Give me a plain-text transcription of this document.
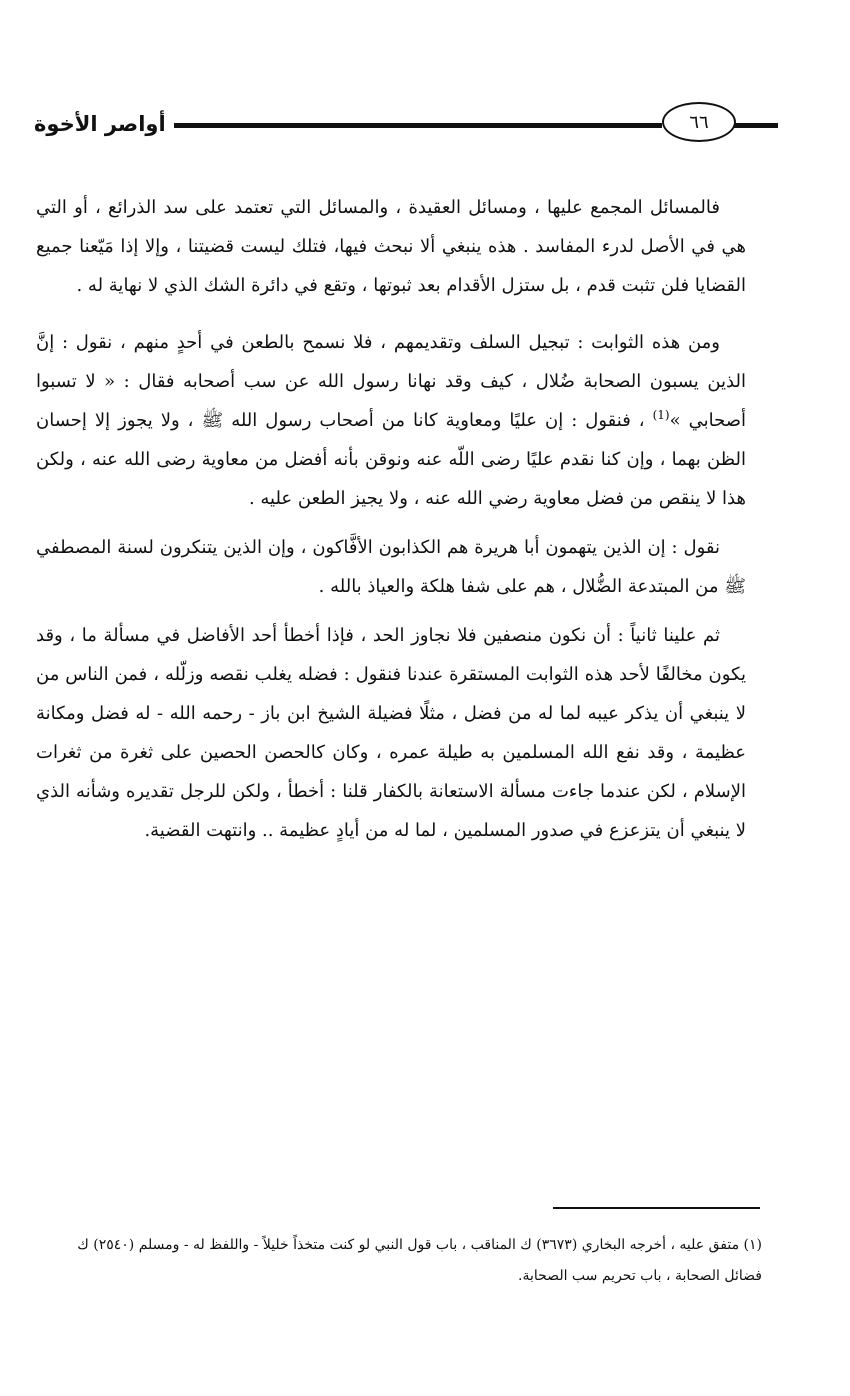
أواصر الأخوة	٦٦

فالمسائل المجمع عليها ، ومسائل العقيدة ، والمسائل التي تعتمد على سد الذرائع ، أو التي هي في الأصل لدرء المفاسد . هذه ينبغي ألا نبحث فيها، فتلك ليست قضيتنا ، وإلا إذا مَيّعنا جميع القضايا فلن تثبت قدم ، بل ستزل الأقدام بعد ثبوتها ، وتقع في دائرة الشك الذي لا نهاية له .

ومن هذه الثوابت : تبجيل السلف وتقديمهم ، فلا نسمح بالطعن في أحدٍ منهم ، نقول : إنَّ الذين يسبون الصحابة ضُلال ، كيف وقد نهانا رسول الله عن سب أصحابه فقال : « لا تسبوا أصحابي »$^{(1)}$ ، فنقول : إن عليًا ومعاوية كانا من أصحاب رسول الله ﷺ ، ولا يجوز إلا إحسان الظن بهما ، وإن كنا نقدم عليًا رضى اللّه عنه ونوقن بأنه أفضل من معاوية رضى الله عنه ، ولكن هذا لا ينقص من فضل معاوية رضي الله عنه ، ولا يجيز الطعن عليه .

نقول : إن الذين يتهمون أبا هريرة هم الكذابون الأفَّاكون ، وإن الذين يتنكرون لسنة المصطفي ﷺ من المبتدعة الضُّلال ، هم على شفا هلكة والعياذ بالله .

ثم علينا ثانياً : أن نكون منصفين فلا نجاوز الحد ، فإذا أخطأ أحد الأفاضل في مسألة ما ، وقد يكون مخالفًا لأحد هذه الثوابت المستقرة عندنا فنقول : فضله يغلب نقصه وزلّله ، فمن الناس من لا ينبغي أن يذكر عيبه لما له من فضل ، مثلًا فضيلة الشيخ ابن باز - رحمه الله - له فضل ومكانة عظيمة ، وقد نفع الله المسلمين به طيلة عمره ، وكان كالحصن الحصين على ثغرة من ثغرات الإسلام ، لكن عندما جاءت مسألة الاستعانة بالكفار قلنا : أخطأ ، ولكن للرجل تقديره وشأنه الذي لا ينبغي أن يتزعزع في صدور المسلمين ، لما له من أيادٍ عظيمة .. وانتهت القضية.

(١) متفق عليه ، أخرجه البخاري (٣٦٧٣) ك المناقب ، باب قول النبي لو كنت متخذاً خليلاً - واللفظ له - ومسلم (٢٥٤٠) ك فضائل الصحابة ، باب تحريم سب الصحابة.
